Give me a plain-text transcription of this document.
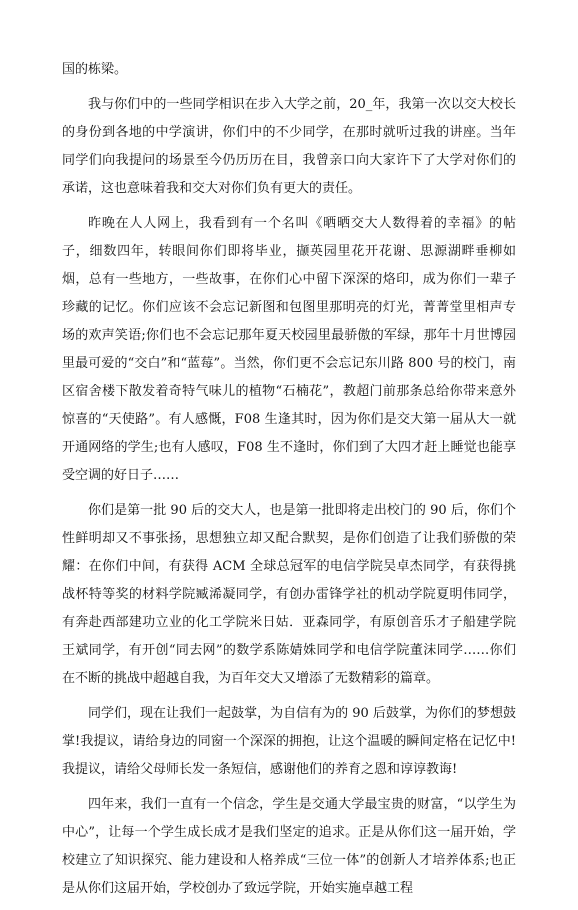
国的栋梁。

我与你们中的一些同学相识在步入大学之前，20_年，我第一次以交大校长的身份到各地的中学演讲，你们中的不少同学，在那时就听过我的讲座。当年同学们向我提问的场景至今仍历历在目，我曾亲口向大家许下了大学对你们的承诺，这也意味着我和交大对你们负有更大的责任。

昨晚在人人网上，我看到有一个名叫《晒晒交大人数得着的幸福》的帖子，细数四年，转眼间你们即将毕业，撷英园里花开花谢、思源湖畔垂柳如烟，总有一些地方，一些故事，在你们心中留下深深的烙印，成为你们一辈子珍藏的记忆。你们应该不会忘记新图和包图里那明亮的灯光，菁菁堂里相声专场的欢声笑语;你们也不会忘记那年夏天校园里最骄傲的军绿，那年十月世博园里最可爱的“交白”和“蓝莓”。当然，你们更不会忘记东川路 800 号的校门，南区宿舍楼下散发着奇特气味儿的植物“石楠花”，教超门前那条总给你带来意外惊喜的“天使路”。有人感慨，F08 生逢其时，因为你们是交大第一届从大一就开通网络的学生;也有人感叹，F08 生不逢时，你们到了大四才赶上睡觉也能享受空调的好日子……

你们是第一批 90 后的交大人，也是第一批即将走出校门的 90 后，你们个性鲜明却又不事张扬，思想独立却又配合默契，是你们创造了让我们骄傲的荣耀：在你们中间，有获得 ACM 全球总冠军的电信学院吴卓杰同学，有获得挑战杯特等奖的材料学院臧浠凝同学，有创办雷锋学社的机动学院夏明伟同学，有奔赴西部建功立业的化工学院米日姑．亚森同学，有原创音乐才子船建学院王斌同学，有开创“同去网”的数学系陈婧姝同学和电信学院董沫同学……你们在不断的挑战中超越自我，为百年交大又增添了无数精彩的篇章。

同学们，现在让我们一起鼓掌，为自信有为的 90 后鼓掌，为你们的梦想鼓掌!我提议，请给身边的同窗一个深深的拥抱，让这个温暖的瞬间定格在记忆中!我提议，请给父母师长发一条短信，感谢他们的养育之恩和谆谆教诲!

四年来，我们一直有一个信念，学生是交通大学最宝贵的财富，“以学生为中心”，让每一个学生成长成才是我们坚定的追求。正是从你们这一届开始，学校建立了知识探究、能力建设和人格养成“三位一体”的创新人才培养体系;也正是从你们这届开始，学校创办了致远学院，开始实施卓越工程
